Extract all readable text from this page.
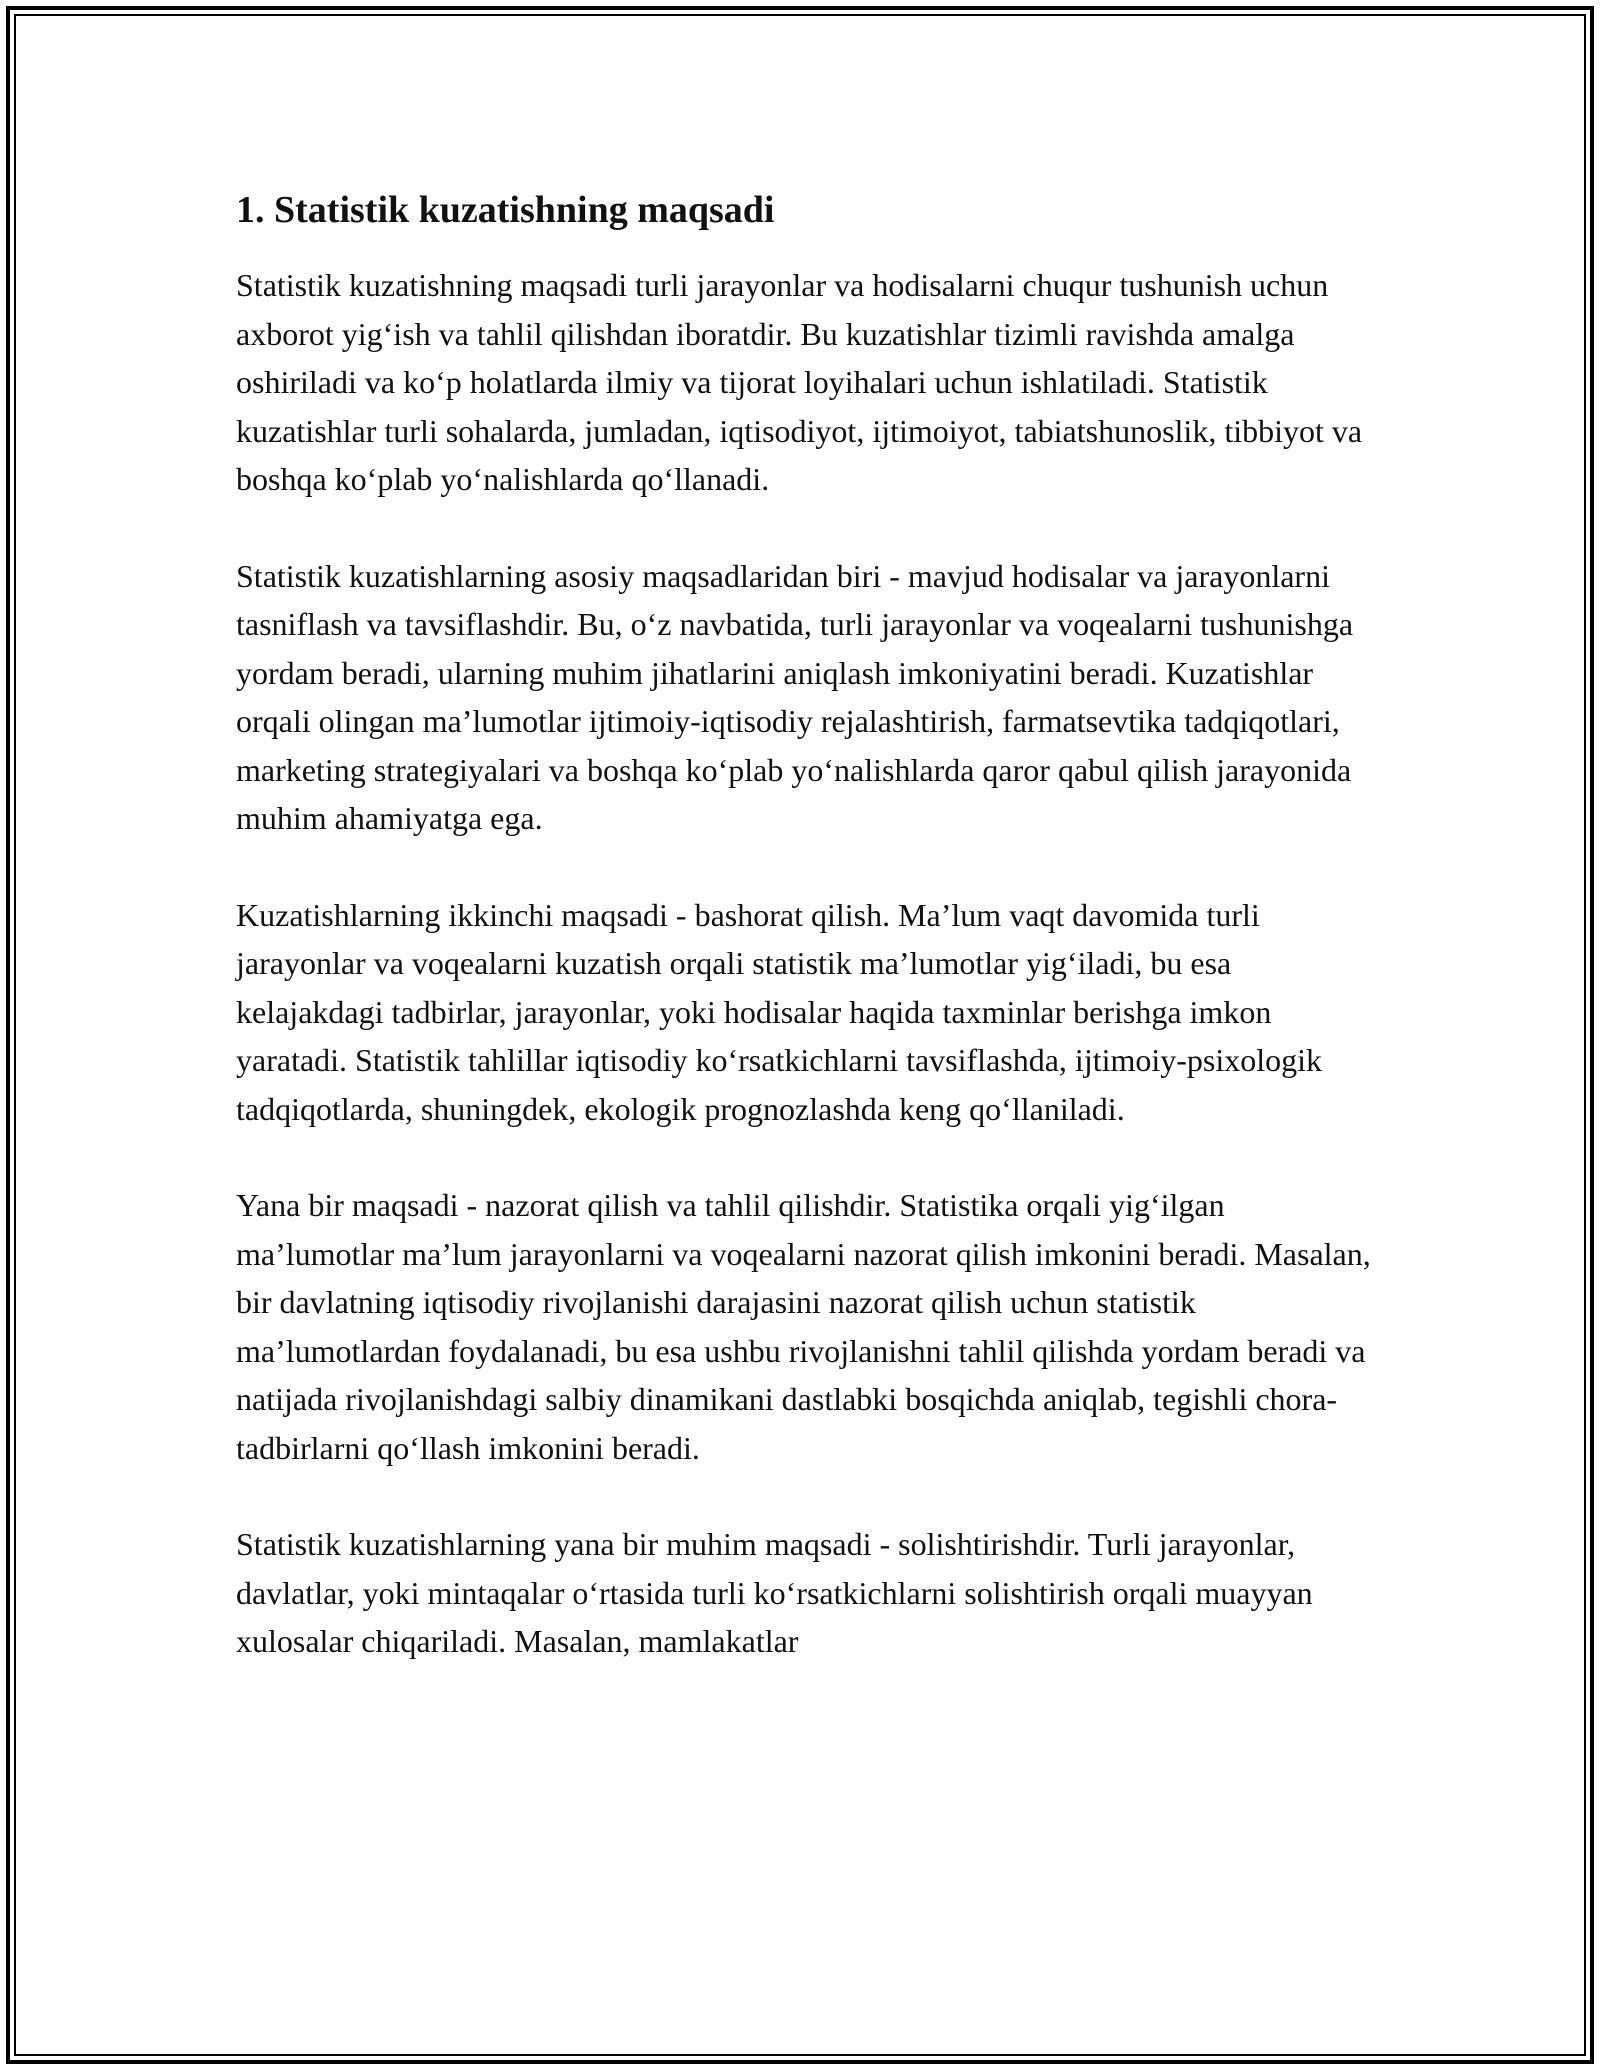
1. Statistik kuzatishning maqsadi

Statistik kuzatishning maqsadi turli jarayonlar va hodisalarni chuqur tushunish uchun axborot yig‘ish va tahlil qilishdan iboratdir. Bu kuzatishlar tizimli ravishda amalga oshiriladi va ko‘p holatlarda ilmiy va tijorat loyihalari uchun ishlatiladi. Statistik kuzatishlar turli sohalarda, jumladan, iqtisodiyot, ijtimoiyot, tabiatshunoslik, tibbiyot va boshqa ko‘plab yo‘nalishlarda qo‘llanadi.

Statistik kuzatishlarning asosiy maqsadlaridan biri - mavjud hodisalar va jarayonlarni tasniflash va tavsiflashdir. Bu, o‘z navbatida, turli jarayonlar va voqealarni tushunishga yordam beradi, ularning muhim jihatlarini aniqlash imkoniyatini beradi. Kuzatishlar orqali olingan ma’lumotlar ijtimoiy-iqtisodiy rejalashtirish, farmatsevtika tadqiqotlari, marketing strategiyalari va boshqa ko‘plab yo‘nalishlarda qaror qabul qilish jarayonida muhim ahamiyatga ega.

Kuzatishlarning ikkinchi maqsadi - bashorat qilish. Ma’lum vaqt davomida turli jarayonlar va voqealarni kuzatish orqali statistik ma’lumotlar yig‘iladi, bu esa kelajakdagi tadbirlar, jarayonlar, yoki hodisalar haqida taxminlar berishga imkon yaratadi. Statistik tahlillar iqtisodiy ko‘rsatkichlarni tavsiflashda, ijtimoiy-psixologik tadqiqotlarda, shuningdek, ekologik prognozlashda keng qo‘llaniladi.

Yana bir maqsadi - nazorat qilish va tahlil qilishdir. Statistika orqali yig‘ilgan ma’lumotlar ma’lum jarayonlarni va voqealarni nazorat qilish imkonini beradi. Masalan, bir davlatning iqtisodiy rivojlanishi darajasini nazorat qilish uchun statistik ma’lumotlardan foydalanadi, bu esa ushbu rivojlanishni tahlil qilishda yordam beradi va natijada rivojlanishdagi salbiy dinamikani dastlabki bosqichda aniqlab, tegishli chora-tadbirlarni qo‘llash imkonini beradi.

Statistik kuzatishlarning yana bir muhim maqsadi - solishtirishdir. Turli jarayonlar, davlatlar, yoki mintaqalar o‘rtasida turli ko‘rsatkichlarni solishtirish orqali muayyan xulosalar chiqariladi. Masalan, mamlakatlar
